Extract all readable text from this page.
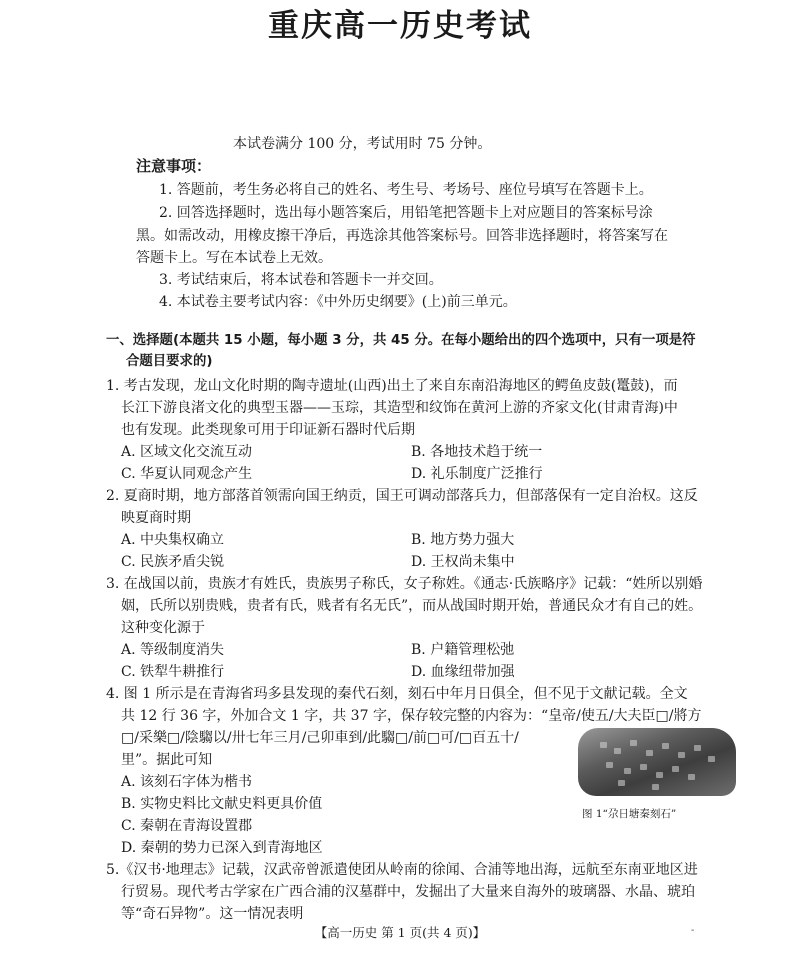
重庆高一历史考试
本试卷满分 100 分，考试用时 75 分钟。
注意事项：
1. 答题前，考生务必将自己的姓名、考生号、考场号、座位号填写在答题卡上。
2. 回答选择题时，选出每小题答案后，用铅笔把答题卡上对应题目的答案标号涂
黑。如需改动，用橡皮擦干净后，再选涂其他答案标号。回答非选择题时，将答案写在
答题卡上。写在本试卷上无效。
3. 考试结束后，将本试卷和答题卡一并交回。
4. 本试卷主要考试内容：《中外历史纲要》(上)前三单元。
一、选择题(本题共 15 小题，每小题 3 分，共 45 分。在每小题给出的四个选项中，只有一项是符
合题目要求的)
1. 考古发现，龙山文化时期的陶寺遗址(山西)出土了来自东南沿海地区的鳄鱼皮鼓(鼍鼓)，而
长江下游良渚文化的典型玉器——玉琮，其造型和纹饰在黄河上游的齐家文化(甘肃青海)中
也有发现。此类现象可用于印证新石器时代后期
A. 区域文化交流互动	B. 各地技术趋于统一
C. 华夏认同观念产生	D. 礼乐制度广泛推行
2. 夏商时期，地方部落首领需向国王纳贡，国王可调动部落兵力，但部落保有一定自治权。这反
映夏商时期
A. 中央集权确立	B. 地方势力强大
C. 民族矛盾尖锐	D. 王权尚未集中
3. 在战国以前，贵族才有姓氏，贵族男子称氏，女子称姓。《通志·氏族略序》记载：“姓所以别婚
姻，氏所以别贵贱，贵者有氏，贱者有名无氏”，而从战国时期开始，普通民众才有自己的姓。
这种变化源于
A. 等级制度消失	B. 户籍管理松弛
C. 铁犁牛耕推行	D. 血缘纽带加强
4. 图 1 所示是在青海省玛多县发现的秦代石刻，刻石中年月日俱全，但不见于文献记载。全文
共 12 行 36 字，外加合文 1 字，共 37 字，保存较完整的内容为：“皇帝/使五/大夫臣□/將方
□/采樂□/陰騶以/卅七年三月/己卯車到/此騶□/前□可/□百五十/
里”。据此可知
A. 该刻石字体为楷书
B. 实物史料比文献史料更具价值
C. 秦朝在青海设置郡
D. 秦朝的势力已深入到青海地区
图 1“尕日塘秦刻石”
5.《汉书·地理志》记载，汉武帝曾派遣使团从岭南的徐闻、合浦等地出海，远航至东南亚地区进
行贸易。现代考古学家在广西合浦的汉墓群中，发掘出了大量来自海外的玻璃器、水晶、琥珀
等“奇石异物”。这一情况表明
【高一历史 第 1 页(共 4 页)】	-
